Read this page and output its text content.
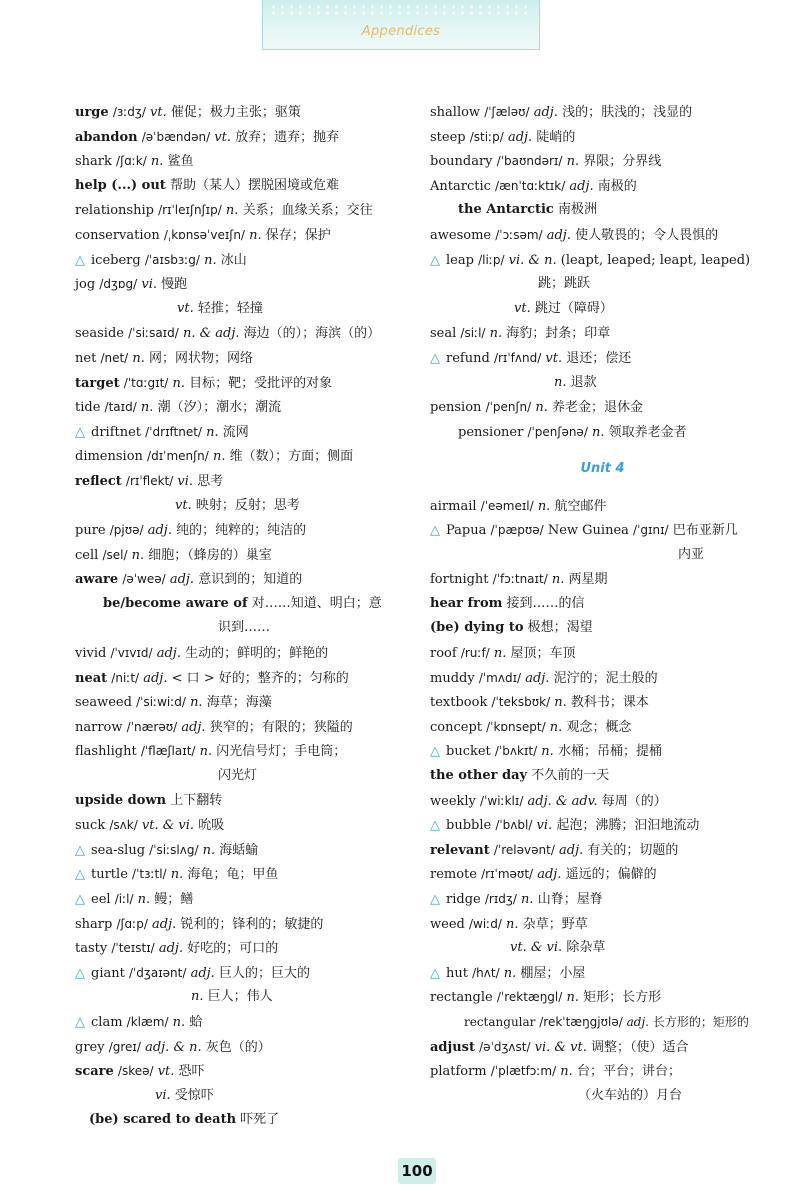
Appendices
urge /ɜːdʒ/ vt. 催促；极力主张；驱策
abandon /əˈbændən/ vt. 放弃；遗弃；抛弃
shark /ʃɑːk/ n. 鲨鱼
help (...) out 帮助（某人）摆脱困境或危难
relationship /rɪˈleɪʃnʃɪp/ n. 关系；血缘关系；交往
conservation /ˌkɒnsəˈveɪʃn/ n. 保存；保护
△ iceberg /ˈaɪsbɜːg/ n. 冰山
jog /dʒɒg/ vi. 慢跑
vt. 轻推；轻撞
seaside /ˈsiːsaɪd/ n. & adj. 海边（的）；海滨（的）
net /net/ n. 网；网状物；网络
target /ˈtɑːgɪt/ n. 目标；靶；受批评的对象
tide /taɪd/ n. 潮（汐）；潮水；潮流
△ driftnet /ˈdrɪftnet/ n. 流网
dimension /dɪˈmenʃn/ n. 维（数）；方面；侧面
reflect /rɪˈflekt/ vi. 思考
vt. 映射；反射；思考
pure /pjʊə/ adj. 纯的；纯粹的；纯洁的
cell /sel/ n. 细胞；（蜂房的）巢室
aware /əˈweə/ adj. 意识到的；知道的
be/become aware of 对……知道、明白；意
识到……
vivid /ˈvɪvɪd/ adj. 生动的；鲜明的；鲜艳的
neat /niːt/ adj. < 口 > 好的；整齐的；匀称的
seaweed /ˈsiːwiːd/ n. 海草；海藻
narrow /ˈnærəʊ/ adj. 狭窄的；有限的；狭隘的
flashlight /ˈflæʃlaɪt/ n. 闪光信号灯；手电筒；
闪光灯
upside down 上下翻转
suck /sʌk/ vt. & vi. 吮吸
△ sea-slug /ˈsiːslʌg/ n. 海蛞蝓
△ turtle /ˈtɜːtl/ n. 海龟；龟；甲鱼
△ eel /iːl/ n. 鳗；鳝
sharp /ʃɑːp/ adj. 锐利的；锋利的；敏捷的
tasty /ˈteɪstɪ/ adj. 好吃的；可口的
△ giant /ˈdʒaɪənt/ adj. 巨人的；巨大的
n. 巨人；伟人
△ clam /klæm/ n. 蛤
grey /greɪ/ adj. & n. 灰色（的）
scare /skeə/ vt. 恐吓
vi. 受惊吓
(be) scared to death 吓死了
shallow /ˈʃæləʊ/ adj. 浅的；肤浅的；浅显的
steep /stiːp/ adj. 陡峭的
boundary /ˈbaʊndərɪ/ n. 界限；分界线
Antarctic /ænˈtɑːktɪk/ adj. 南极的
the Antarctic 南极洲
awesome /ˈɔːsəm/ adj. 使人敬畏的；令人畏惧的
△ leap /liːp/ vi. & n. (leapt, leaped; leapt, leaped)
跳；跳跃
vt. 跳过（障碍）
seal /siːl/ n. 海豹；封条；印章
△ refund /rɪˈfʌnd/ vt. 退还；偿还
n. 退款
pension /ˈpenʃn/ n. 养老金；退休金
pensioner /ˈpenʃənə/ n. 领取养老金者
Unit 4
airmail /ˈeəmeɪl/ n. 航空邮件
△ Papua /ˈpæpʊə/ New Guinea /ˈgɪnɪ/ 巴布亚新几
内亚
fortnight /ˈfɔːtnaɪt/ n. 两星期
hear from 接到……的信
(be) dying to 极想；渴望
roof /ruːf/ n. 屋顶；车顶
muddy /ˈmʌdɪ/ adj. 泥泞的；泥土般的
textbook /ˈteksbʊk/ n. 教科书；课本
concept /ˈkɒnsept/ n. 观念；概念
△ bucket /ˈbʌkɪt/ n. 水桶；吊桶；提桶
the other day 不久前的一天
weekly /ˈwiːklɪ/ adj. & adv. 每周（的）
△ bubble /ˈbʌbl/ vi. 起泡；沸腾；汩汩地流动
relevant /ˈreləvənt/ adj. 有关的；切题的
remote /rɪˈməʊt/ adj. 遥远的；偏僻的
△ ridge /rɪdʒ/ n. 山脊；屋脊
weed /wiːd/ n. 杂草；野草
vt. & vi. 除杂草
△ hut /hʌt/ n. 棚屋；小屋
rectangle /ˈrektæŋgl/ n. 矩形；长方形
rectangular /rekˈtæŋgjʊlə/ adj. 长方形的；矩形的
adjust /əˈdʒʌst/ vi. & vt. 调整；（使）适合
platform /ˈplætfɔːm/ n. 台；平台；讲台；
（火车站的）月台
100
